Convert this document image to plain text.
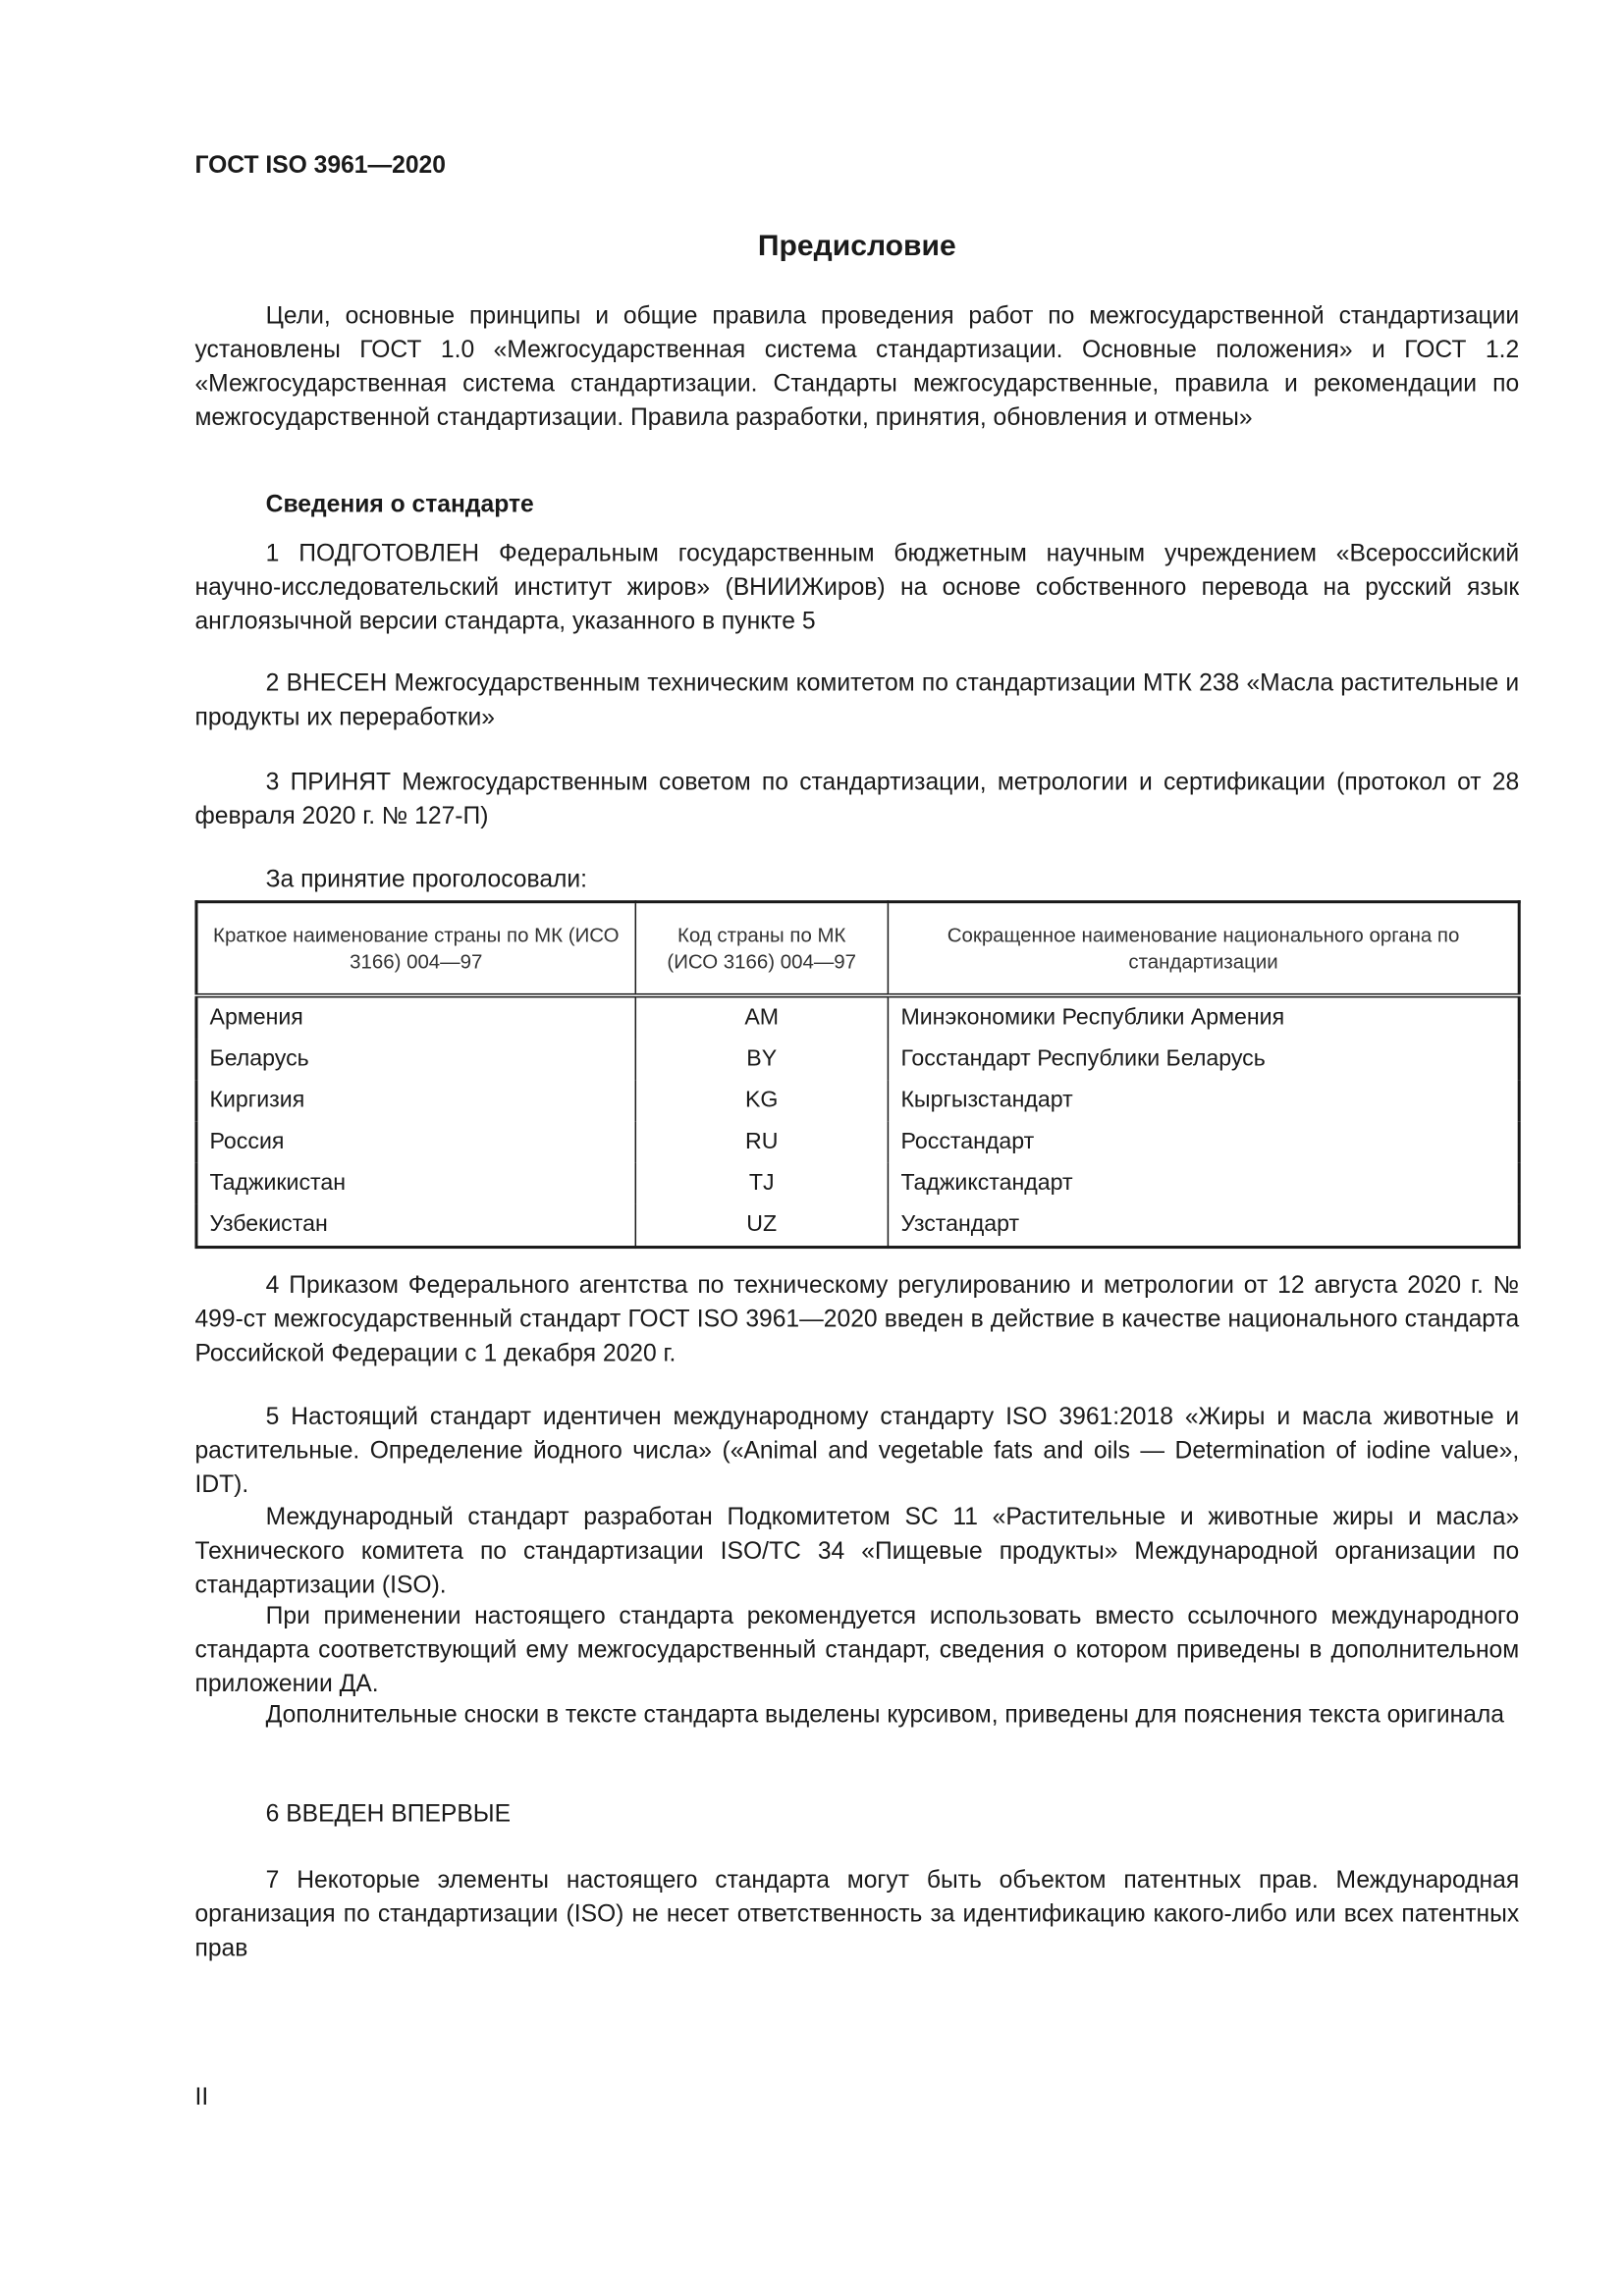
ГОСТ ISO 3961—2020
Предисловие

Цели, основные принципы и общие правила проведения работ по межгосударственной стандартизации установлены ГОСТ 1.0 «Межгосударственная система стандартизации. Основные положения» и ГОСТ 1.2 «Межгосударственная система стандартизации. Стандарты межгосударственные, правила и рекомендации по межгосударственной стандартизации. Правила разработки, принятия, обновления и отмены»

Сведения о стандарте

1 ПОДГОТОВЛЕН Федеральным государственным бюджетным научным учреждением «Всероссийский научно-исследовательский институт жиров» (ВНИИЖиров) на основе собственного перевода на русский язык англоязычной версии стандарта, указанного в пункте 5

2 ВНЕСЕН Межгосударственным техническим комитетом по стандартизации МТК 238 «Масла растительные и продукты их переработки»

3 ПРИНЯТ Межгосударственным советом по стандартизации, метрологии и сертификации (протокол от 28 февраля 2020 г. № 127-П)

За принятие проголосовали:
Краткое наименование страны по МК (ИСО 3166) 004—97	Код страны по МК (ИСО 3166) 004—97	Сокращенное наименование национального органа по стандартизации
Армения	AM	Минэкономики Республики Армения
Беларусь	BY	Госстандарт Республики Беларусь
Киргизия	KG	Кыргызстандарт
Россия	RU	Росстандарт
Таджикистан	TJ	Таджикстандарт
Узбекистан	UZ	Узстандарт

4 Приказом Федерального агентства по техническому регулированию и метрологии от 12 августа 2020 г. № 499-ст межгосударственный стандарт ГОСТ ISO 3961—2020 введен в действие в качестве национального стандарта Российской Федерации с 1 декабря 2020 г.

5 Настоящий стандарт идентичен международному стандарту ISO 3961:2018 «Жиры и масла животные и растительные. Определение йодного числа» («Animal and vegetable fats and oils — Determination of iodine value», IDT).

Международный стандарт разработан Подкомитетом SC 11 «Растительные и животные жиры и масла» Технического комитета по стандартизации ISO/TC 34 «Пищевые продукты» Международной организации по стандартизации (ISO).

При применении настоящего стандарта рекомендуется использовать вместо ссылочного международного стандарта соответствующий ему межгосударственный стандарт, сведения о котором приведены в дополнительном приложении ДА.

Дополнительные сноски в тексте стандарта выделены курсивом, приведены для пояснения текста оригинала

6 ВВЕДЕН ВПЕРВЫЕ

7 Некоторые элементы настоящего стандарта могут быть объектом патентных прав. Международная организация по стандартизации (ISO) не несет ответственность за идентификацию какого-либо или всех патентных прав

II
